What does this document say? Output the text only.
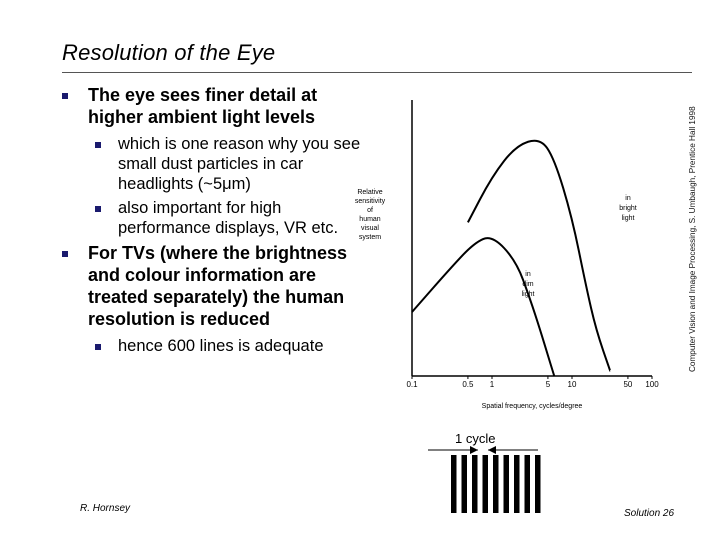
Resolution of the Eye
The eye sees finer detail at higher ambient light levels
which is one reason why you see small dust particles in car headlights (~5μm)
also important for high performance displays, VR etc.
For TVs (where the brightness and colour information are treated separately) the human resolution is reduced
hence 600 lines is adequate
0.1	0.5 1	5 10	50 100
Spatial frequency, cycles/degree
Relative
sensitivity
of
human
visual
system
in
bright
light
in
dim
light	Computer Vision and Image Processing, S. Umbaugh, Prentice Hall 1998
1 cycle
R. Hornsey	Solution 26
